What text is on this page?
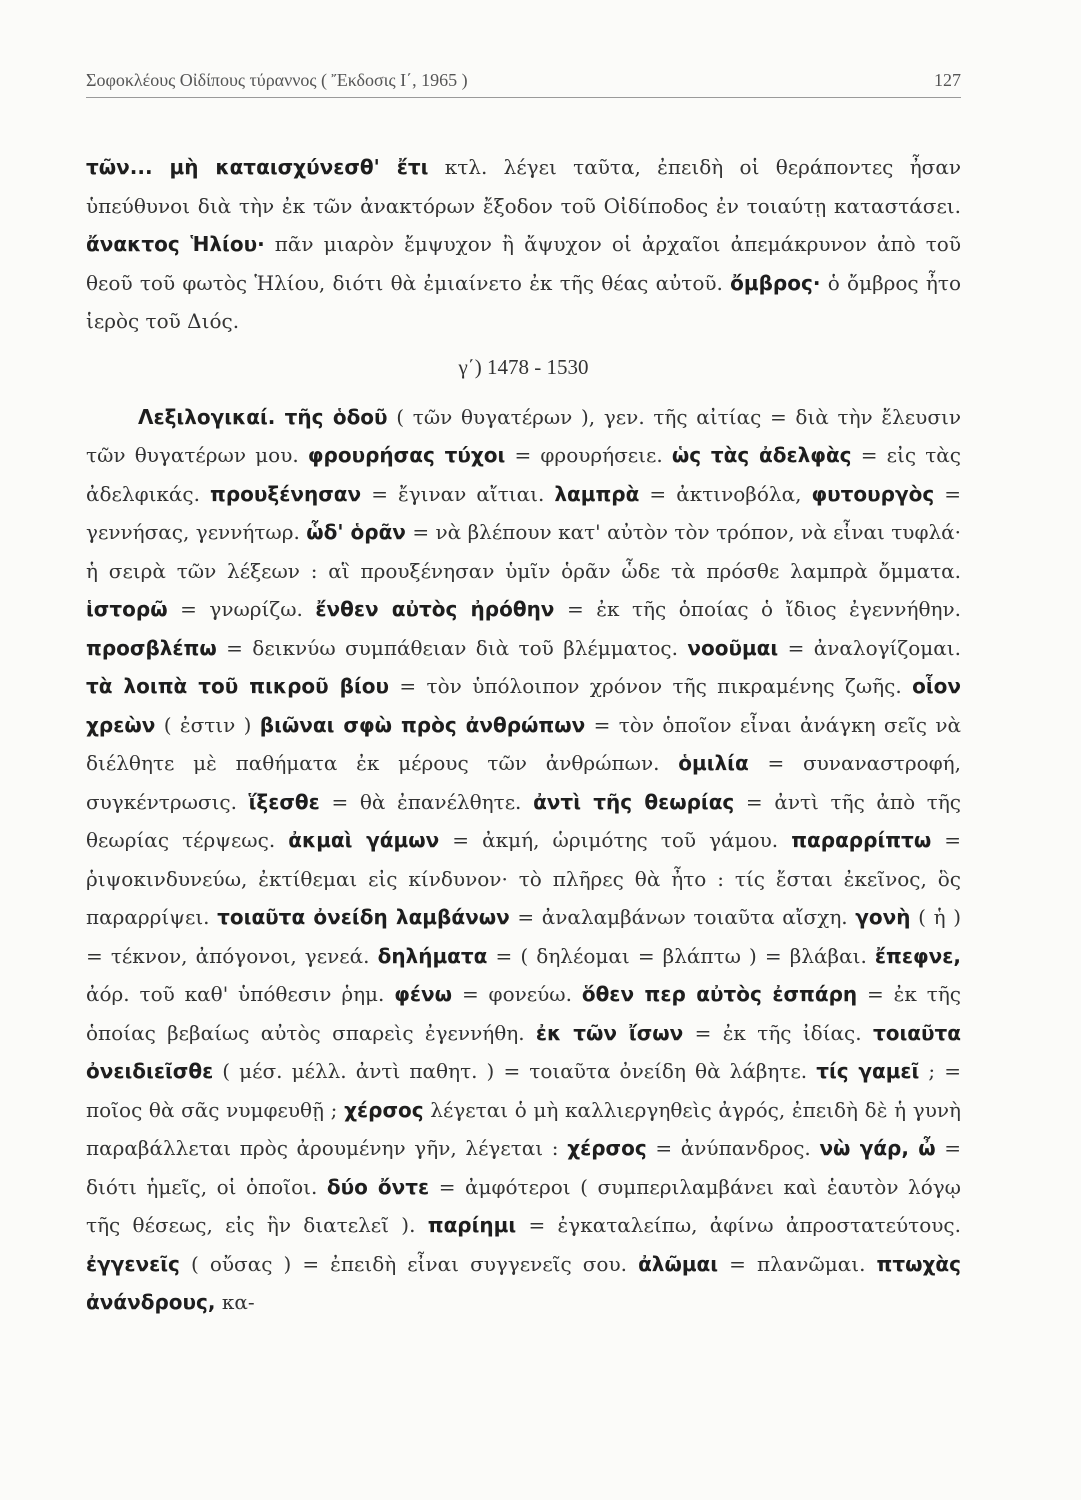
Σοφοκλέους Οἰδίπους τύραννος ( Ἔκδοσις Ι΄, 1965 )	127

τῶν... μὴ καταισχύνεσθ' ἔτι κτλ. λέγει ταῦτα, ἐπειδὴ οἱ θεράποντες ἦσαν ὑπεύθυνοι διὰ τὴν ἐκ τῶν ἀνακτόρων ἔξοδον τοῦ Οἰδίποδος ἐν τοιαύτῃ καταστάσει. ἄνακτος Ἡλίου· πᾶν μιαρὸν ἔμψυχον ἢ ἄψυχον οἱ ἀρχαῖοι ἀπεμάκρυνον ἀπὸ τοῦ θεοῦ τοῦ φωτὸς Ἡλίου, διότι θὰ ἐμιαίνετο ἐκ τῆς θέας αὐτοῦ. ὄμβρος· ὁ ὄμβρος ἦτο ἱερὸς τοῦ Διός.

γ΄) 1478 - 1530

Λεξιλογικαί. τῆς ὁδοῦ ( τῶν θυγατέρων ), γεν. τῆς αἰτίας = διὰ τὴν ἔλευσιν τῶν θυγατέρων μου. φρουρήσας τύχοι = φρουρήσειε. ὡς τὰς ἀδελφὰς = εἰς τὰς ἀδελφικάς. προυξένησαν = ἔγιναν αἴτιαι. λαμπρὰ = ἀκτινοβόλα, φυτουργὸς = γεννήσας, γεννήτωρ. ὧδ' ὁρᾶν = νὰ βλέπουν κατ' αὐτὸν τὸν τρόπον, νὰ εἶναι τυφλά· ἡ σειρὰ τῶν λέξεων : αἳ προυξένησαν ὑμῖν ὁρᾶν ὧδε τὰ πρόσθε λαμπρὰ ὄμματα. ἱστορῶ = γνωρίζω. ἔνθεν αὐτὸς ἠρόθην = ἐκ τῆς ὁποίας ὁ ἴδιος ἐγεννήθην. προσβλέπω = δεικνύω συμπάθειαν διὰ τοῦ βλέμματος. νοοῦμαι = ἀναλογίζομαι. τὰ λοιπὰ τοῦ πικροῦ βίου = τὸν ὑπόλοιπον χρόνον τῆς πικραμένης ζωῆς. οἷον χρεὼν ( ἐστιν ) βιῶναι σφὼ πρὸς ἀνθρώπων = τὸν ὁποῖον εἶναι ἀνάγκη σεῖς νὰ διέλθητε μὲ παθήματα ἐκ μέρους τῶν ἀνθρώπων. ὁμιλία = συναναστροφή, συγκέντρωσις. ἵξεσθε = θὰ ἐπανέλθητε. ἀντὶ τῆς θεωρίας = ἀντὶ τῆς ἀπὸ τῆς θεωρίας τέρψεως. ἀκμαὶ γάμων = ἀκμή, ὡριμότης τοῦ γάμου. παραρρίπτω = ῥιψοκινδυνεύω, ἐκτίθεμαι εἰς κίνδυνον· τὸ πλῆρες θὰ ἦτο : τίς ἔσται ἐκεῖνος, ὃς παραρρίψει. τοιαῦτα ὀνείδη λαμβάνων = ἀναλαμβάνων τοιαῦτα αἴσχη. γονὴ ( ἡ ) = τέκνον, ἀπόγονοι, γενεά. δηλήματα = ( δηλέομαι = βλάπτω ) = βλάβαι. ἔπεφνε, ἀόρ. τοῦ καθ' ὑπόθεσιν ῥημ. φένω = φονεύω. ὅθεν περ αὐτὸς ἐσπάρη = ἐκ τῆς ὁποίας βεβαίως αὐτὸς σπαρεὶς ἐγεννήθη. ἐκ τῶν ἴσων = ἐκ τῆς ἰδίας. τοιαῦτα ὀνειδιεῖσθε ( μέσ. μέλλ. ἀντὶ παθητ. ) = τοιαῦτα ὀνείδη θὰ λάβητε. τίς γαμεῖ ; = ποῖος θὰ σᾶς νυμφευθῇ ; χέρσος λέγεται ὁ μὴ καλλιεργηθεὶς ἀγρός, ἐπειδὴ δὲ ἡ γυνὴ παραβάλλεται πρὸς ἀρουμένην γῆν, λέγεται : χέρσος = ἀνύπανδρος. νὼ γάρ, ὦ = διότι ἡμεῖς, οἱ ὁποῖοι. δύο ὄντε = ἀμφότεροι ( συμπεριλαμβάνει καὶ ἑαυτὸν λόγῳ τῆς θέσεως, εἰς ἣν διατελεῖ ). παρίημι = ἐγκαταλείπω, ἀφίνω ἀπροστατεύτους. ἐγγενεῖς ( οὔσας ) = ἐπειδὴ εἶναι συγγενεῖς σου. ἀλῶμαι = πλανῶμαι. πτωχὰς ἀνάνδρους, κα-
